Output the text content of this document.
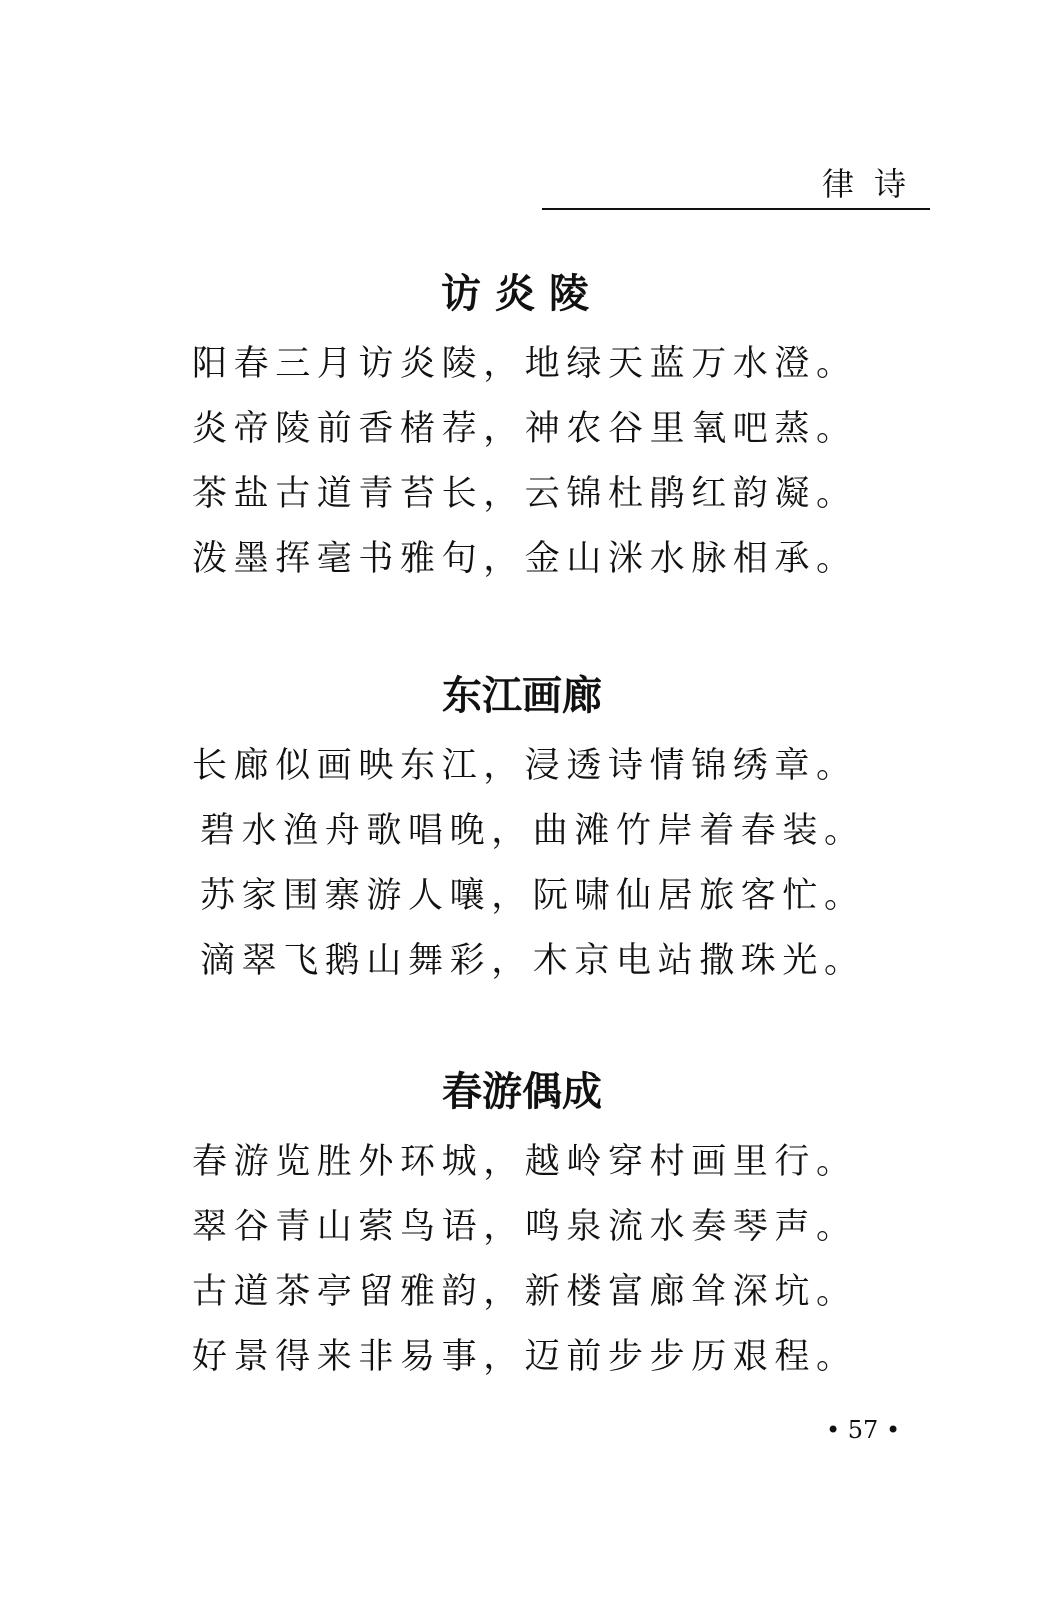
律诗
访炎陵
阳春三月访炎陵，地绿天蓝万水澄。
炎帝陵前香楮荐，神农谷里氧吧蒸。
茶盐古道青苔长，云锦杜鹃红韵凝。
泼墨挥毫书雅句，金山洣水脉相承。
东江画廊
长廊似画映东江，浸透诗情锦绣章。
碧水渔舟歌唱晚，曲滩竹岸着春装。
苏家围寨游人嚷，阮啸仙居旅客忙。
滴翠飞鹅山舞彩，木京电站撒珠光。
春游偶成
春游览胜外环城，越岭穿村画里行。
翠谷青山萦鸟语，鸣泉流水奏琴声。
古道茶亭留雅韵，新楼富廊耸深坑。
好景得来非易事，迈前步步历艰程。
• 57 •
